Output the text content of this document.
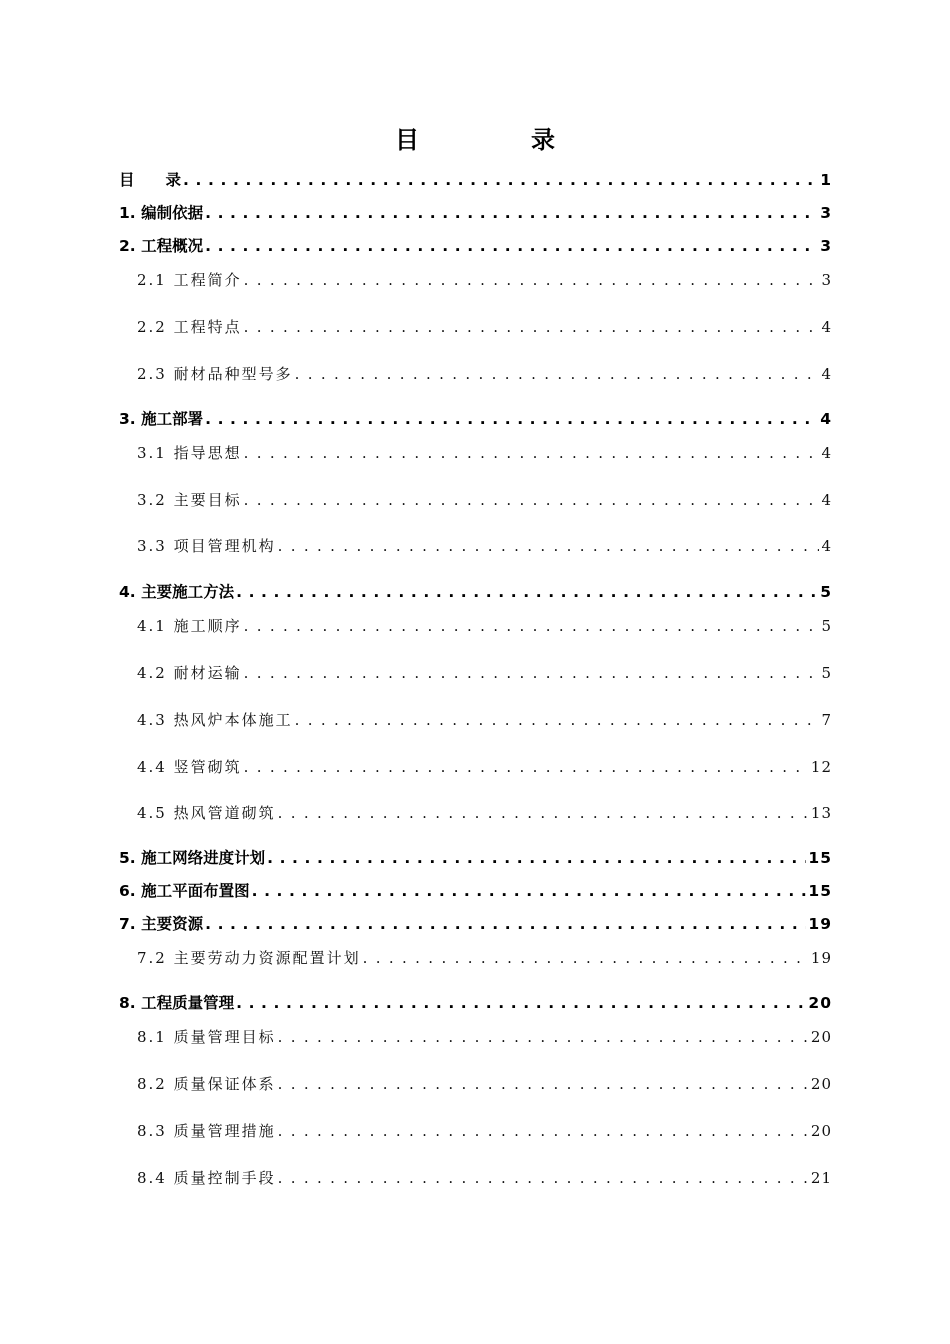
目　录
目　　录 . . .	1
1. 编制依据 . . .	3
2. 工程概况 . . .	3
2.1 工程简介 . . .	3
2.2 工程特点 . . .	4
2.3 耐材品种型号多 . . .	4
3. 施工部署 . . .	4
3.1 指导思想 . . .	4
3.2 主要目标 . . .	4
3.3 项目管理机构 . . .	4
4. 主要施工方法 . . .	5
4.1 施工顺序 . . .	5
4.2 耐材运输 . . .	5
4.3 热风炉本体施工 . . .	7
4.4 竖管砌筑 . . .	12
4.5 热风管道砌筑 . . .	13
5. 施工网络进度计划 . . .	15
6. 施工平面布置图 . . .	15
7. 主要资源 . . .	19
7.2 主要劳动力资源配置计划 . . .	19
8. 工程质量管理 . . .	20
8.1 质量管理目标 . . .	20
8.2 质量保证体系 . . .	20
8.3 质量管理措施 . . .	20
8.4 质量控制手段 . . .	21
